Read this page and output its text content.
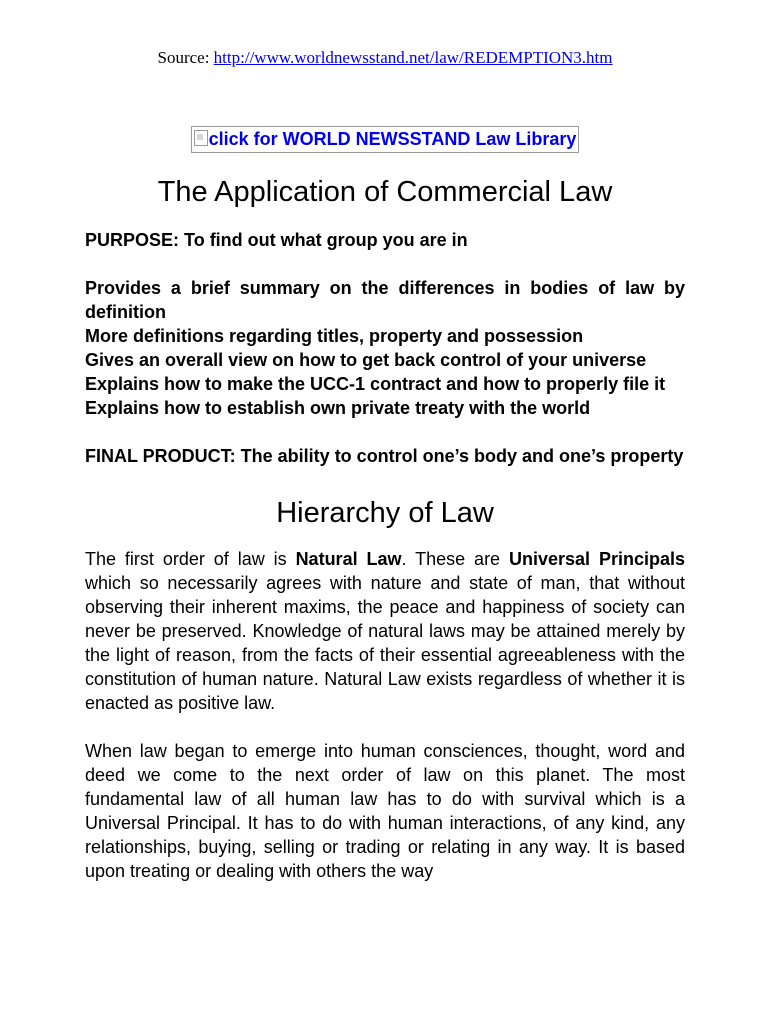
Source: http://www.worldnewsstand.net/law/REDEMPTION3.htm
click for WORLD NEWSSTAND Law Library
The Application of Commercial Law
PURPOSE: To find out what group you are in
Provides a brief summary on the differences in bodies of law by definition
More definitions regarding titles, property and possession
Gives an overall view on how to get back control of your universe
Explains how to make the UCC-1 contract and how to properly file it
Explains how to establish own private treaty with the world
FINAL PRODUCT: The ability to control one’s body and one’s property
Hierarchy of Law

The first order of law is Natural Law. These are Universal Principals which so necessarily agrees with nature and state of man, that without observing their inherent maxims, the peace and happiness of society can never be preserved. Knowledge of natural laws may be attained merely by the light of reason, from the facts of their essential agreeableness with the constitution of human nature. Natural Law exists regardless of whether it is enacted as positive law.

When law began to emerge into human consciences, thought, word and deed we come to the next order of law on this planet. The most fundamental law of all human law has to do with survival which is a Universal Principal. It has to do with human interactions, of any kind, any relationships, buying, selling or trading or relating in any way. It is based upon treating or dealing with others the way
